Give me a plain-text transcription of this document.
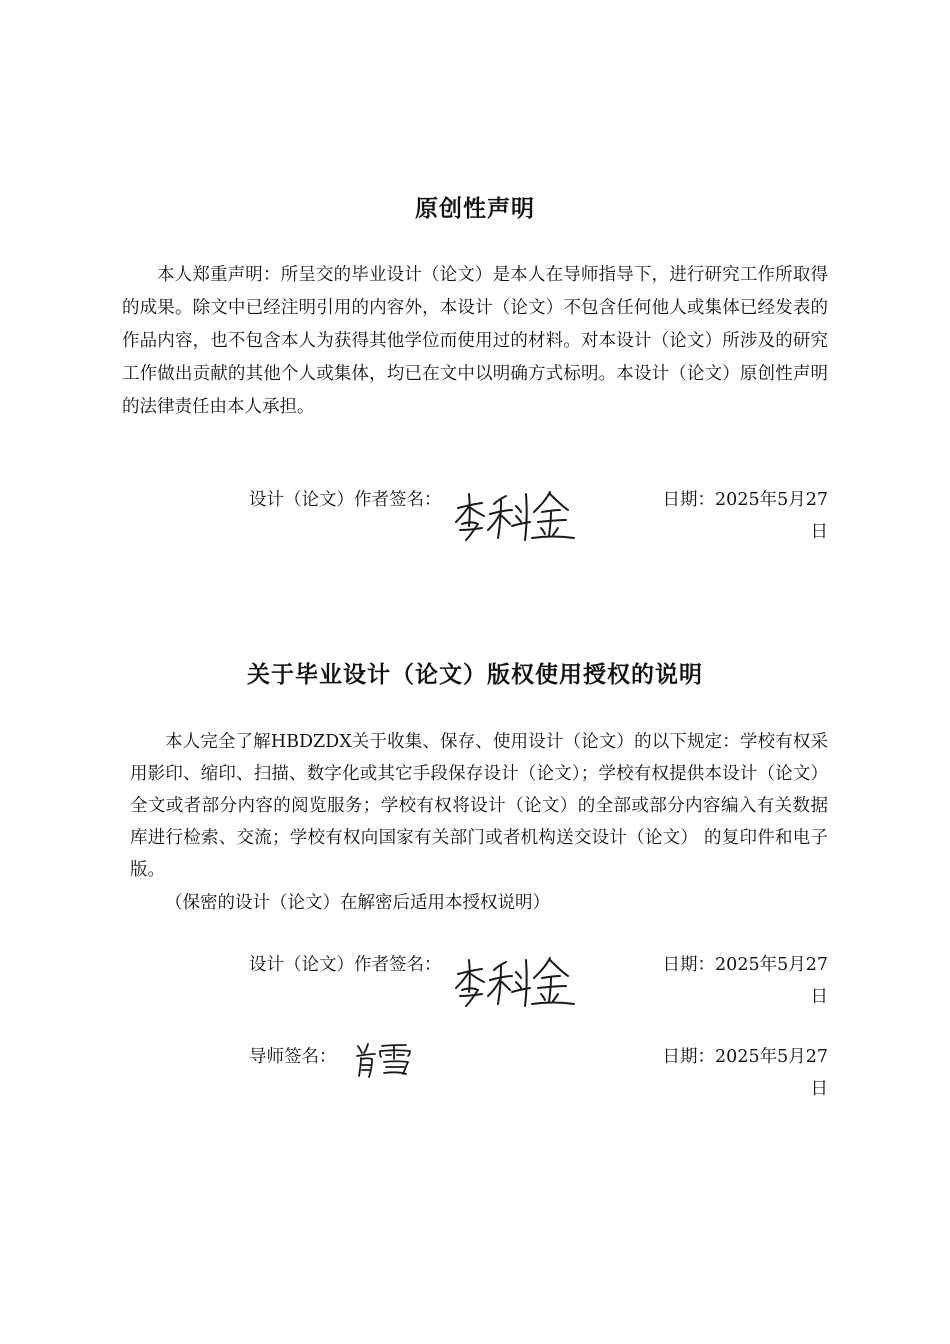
原创性声明
本人郑重声明：所呈交的毕业设计（论文）是本人在导师指导下，进行研究工作所取得的成果。除文中已经注明引用的内容外，本设计（论文）不包含任何他人或集体已经发表的作品内容，也不包含本人为获得其他学位而使用过的材料。对本设计（论文）所涉及的研究工作做出贡献的其他个人或集体，均已在文中以明确方式标明。本设计（论文）原创性声明的法律责任由本人承担。
设计（论文）作者签名：	日期：2025年5月27日
关于毕业设计（论文）版权使用授权的说明
本人完全了解HBDZDX关于收集、保存、使用设计（论文）的以下规定：学校有权采用影印、缩印、扫描、数字化或其它手段保存设计（论文）；学校有权提供本设计（论文）全文或者部分内容的阅览服务；学校有权将设计（论文）的全部或部分内容编入有关数据库进行检索、交流；学校有权向国家有关部门或者机构送交设计（论文） 的复印件和电子版。
（保密的设计（论文）在解密后适用本授权说明）
设计（论文）作者签名：	日期：2025年5月27日
导师签名：	日期：2025年5月27日
